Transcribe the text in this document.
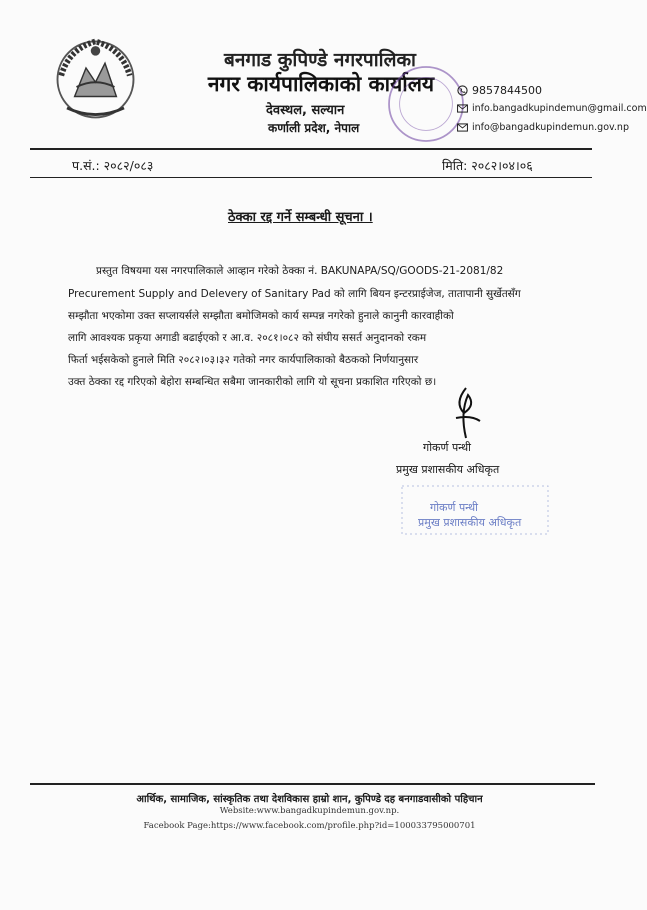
बनगाड कुपिण्डे नगरपालिका
नगर कार्यपालिकाको कार्यालय
देवस्थल, सल्यान
कर्णाली प्रदेश, नेपाल
9857844500
info.bangadkupindemun@gmail.com
info@bangadkupindemun.gov.np
प.सं.: २०८२/०८३	मिति: २०८२।०४।०६
ठेक्का रद्द गर्ने सम्बन्धी सूचना ।
प्रस्तुत विषयमा यस नगरपालिकाले आव्हान गरेको ठेक्का नं. BAKUNAPA/SQ/GOODS-21-2081/82
Precurement Supply and Delevery of Sanitary Pad को लागि बियन इन्टरप्राईजेज, तातापानी सुर्खेतसँग
सम्झौता भएकोमा उक्त सप्लायर्सले सम्झौता बमोजिमको कार्य सम्पन्न नगरेको हुनाले कानुनी कारवाहीको
लागि आवश्यक प्रकृया अगाडी बढाईएको र आ.व. २०८१।०८२ को संघीय ससर्त अनुदानको रकम
फिर्ता भईसकेको हुनाले मिति २०८२।०३।३२ गतेको नगर कार्यपालिकाको बैठकको निर्णयानुसार
उक्त ठेक्का रद्द गरिएको बेहोरा सम्बन्धित सबैमा जानकारीको लागि यो सूचना प्रकाशित गरिएको छ।
गोकर्ण पन्थी
प्रमुख प्रशासकीय अधिकृत
गोकर्ण पन्थी
प्रमुख प्रशासकीय अधिकृत
आर्थिक, सामाजिक, सांस्कृतिक तथा देशविकास हाम्रो शान, कुपिण्डे दह बनगाडवासीको पहिचान
Website:www.bangadkupindemun.gov.np.
Facebook Page:https://www.facebook.com/profile.php?id=100033795000701
